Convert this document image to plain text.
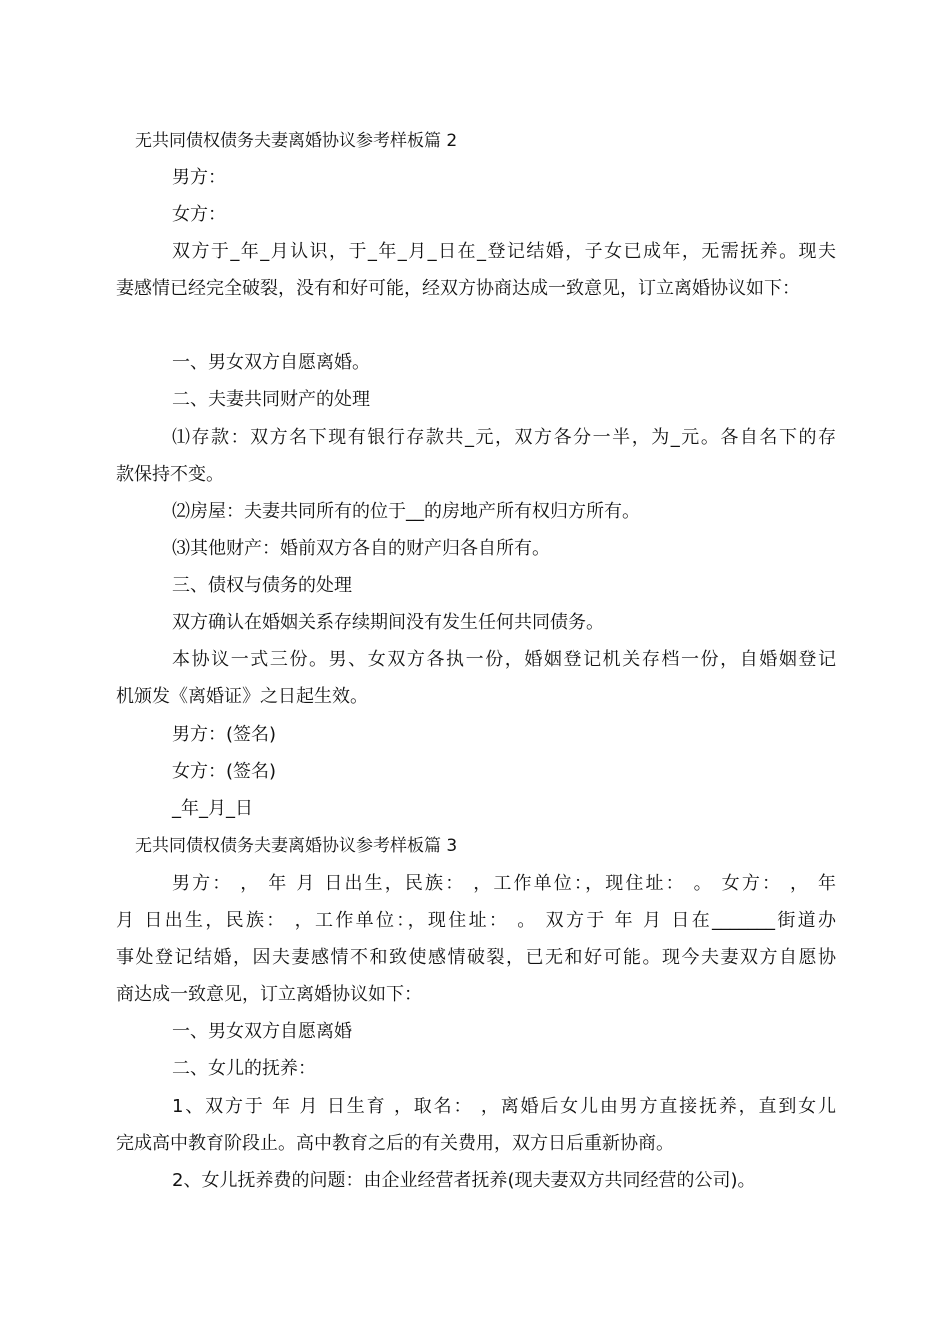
无共同债权债务夫妻离婚协议参考样板篇 2
男方：
女方：
双方于_年_月认识，于_年_月_日在_登记结婚，子女已成年，无需抚养。现夫
妻感情已经完全破裂，没有和好可能，经双方协商达成一致意见，订立离婚协议如下：
一、男女双方自愿离婚。
二、夫妻共同财产的处理
⑴存款：双方名下现有银行存款共_元，双方各分一半，为_元。各自名下的存
款保持不变。
⑵房屋：夫妻共同所有的位于__的房地产所有权归方所有。
⑶其他财产：婚前双方各自的财产归各自所有。
三、债权与债务的处理
双方确认在婚姻关系存续期间没有发生任何共同债务。
本协议一式三份。男、女双方各执一份，婚姻登记机关存档一份，自婚姻登记
机颁发《离婚证》之日起生效。
男方：(签名)
女方：(签名)
_年_月_日
无共同债权债务夫妻离婚协议参考样板篇 3
男方： ， 年 月 日出生，民族： ，工作单位：，现住址： 。 女方： ， 年
月 日出生，民族： ，工作单位：，现住址： 。 双方于 年 月 日在_______街道办
事处登记结婚，因夫妻感情不和致使感情破裂，已无和好可能。现今夫妻双方自愿协
商达成一致意见，订立离婚协议如下：
一、男女双方自愿离婚
二、女儿的抚养：
1、双方于 年 月 日生育 ，取名： ，离婚后女儿由男方直接抚养，直到女儿
完成高中教育阶段止。高中教育之后的有关费用，双方日后重新协商。
2、女儿抚养费的问题：由企业经营者抚养(现夫妻双方共同经营的公司)。
